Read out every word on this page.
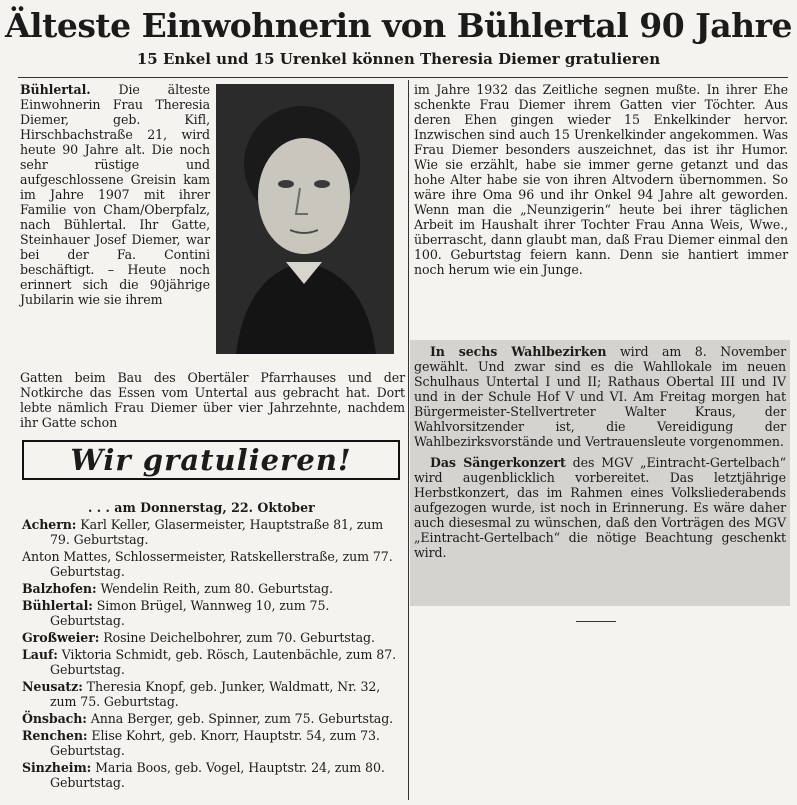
Älteste Einwohnerin von Bühlertal 90 Jahre
15 Enkel und 15 Urenkel können Theresia Diemer gratulieren
Bühlertal. Die älteste Einwohnerin Frau Theresia Diemer, geb. Kifl, Hirschbachstraße 21, wird heute 90 Jahre alt. Die noch sehr rüstige und aufgeschlossene Greisin kam im Jahre 1907 mit ihrer Familie von Cham/Oberpfalz, nach Bühlertal. Ihr Gatte, Steinhauer Josef Diemer, war bei der Fa. Contini beschäftigt. – Heute noch erinnert sich die 90jährige Jubilarin wie sie ihrem
Gatten beim Bau des Obertäler Pfarrhauses und der Notkirche das Essen vom Untertal aus gebracht hat. Dort lebte nämlich Frau Diemer über vier Jahrzehnte, nachdem ihr Gatte schon
im Jahre 1932 das Zeitliche segnen mußte. In ihrer Ehe schenkte Frau Diemer ihrem Gatten vier Töchter. Aus deren Ehen gingen wieder 15 Enkelkinder hervor. Inzwischen sind auch 15 Urenkelkinder angekommen. Was Frau Diemer besonders auszeichnet, das ist ihr Humor. Wie sie erzählt, habe sie immer gerne getanzt und das hohe Alter habe sie von ihren Altvodern übernommen. So wäre ihre Oma 96 und ihr Onkel 94 Jahre alt geworden. Wenn man die „Neunzigerin“ heute bei ihrer täglichen Arbeit im Haushalt ihrer Tochter Frau Anna Weis, Wwe., überrascht, dann glaubt man, daß Frau Diemer einmal den 100. Geburtstag feiern kann. Denn sie hantiert immer noch herum wie ein Junge.

In sechs Wahlbezirken wird am 8. November gewählt. Und zwar sind es die Wahllokale im neuen Schulhaus Untertal I und II; Rathaus Obertal III und IV und in der Schule Hof V und VI. Am Freitag morgen hat Bürgermeister-Stellvertreter Walter Kraus, der Wahlvorsitzender ist, die Vereidigung der Wahlbezirksvorstände und Vertrauensleute vorgenommen.

Das Sängerkonzert des MGV „Eintracht-Gertelbach“ wird augenblicklich vorbereitet. Das letztjährige Herbstkonzert, das im Rahmen eines Volksliederabends aufgezogen wurde, ist noch in Erinnerung. Es wäre daher auch diesesmal zu wünschen, daß den Vorträgen des MGV „Eintracht-Gertelbach“ die nötige Beachtung geschenkt wird.

Wir gratulieren!
. . . am Donnerstag, 22. Oktober
Achern: Karl Keller, Glasermeister, Hauptstraße 81, zum 79. Geburtstag.
Anton Mattes, Schlossermeister, Ratskellerstraße, zum 77. Geburtstag.
Balzhofen: Wendelin Reith, zum 80. Geburtstag.
Bühlertal: Simon Brügel, Wannweg 10, zum 75. Geburtstag.
Großweier: Rosine Deichelbohrer, zum 70. Geburtstag.
Lauf: Viktoria Schmidt, geb. Rösch, Lautenbächle, zum 87. Geburtstag.
Neusatz: Theresia Knopf, geb. Junker, Waldmatt, Nr. 32, zum 75. Geburtstag.
Önsbach: Anna Berger, geb. Spinner, zum 75. Geburtstag.
Renchen: Elise Kohrt, geb. Knorr, Hauptstr. 54, zum 73. Geburtstag.
Sinzheim: Maria Boos, geb. Vogel, Hauptstr. 24, zum 80. Geburtstag.
